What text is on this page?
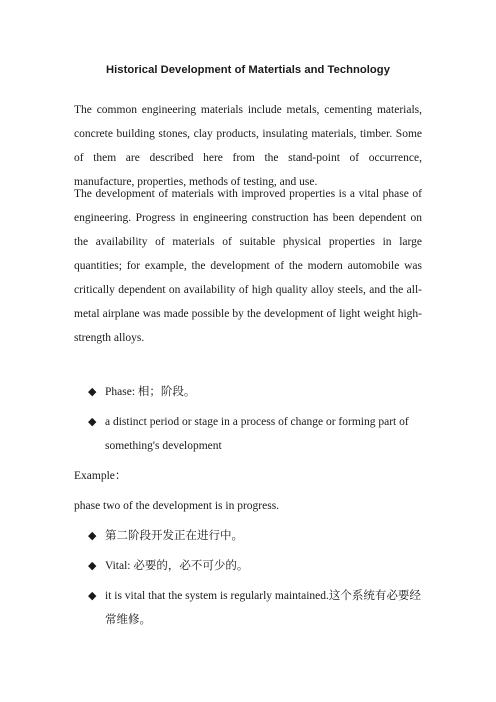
Historical Development of Matertials and Technology

The common engineering materials include metals, cementing materials, concrete building stones, clay products, insulating materials, timber. Some of them are described here from the stand-point of occurrence, manufacture, properties, methods of testing, and use.

The development of materials with improved properties is a vital phase of engineering. Progress in engineering construction has been dependent on the availability of materials of suitable physical properties in large quantities; for example, the development of the modern automobile was critically dependent on availability of high quality alloy steels, and the all-metal airplane was made possible by the development of light weight high-strength alloys.

◆ Phase: 相；阶段。
◆ a distinct period or stage in a process of change or forming part of something's development
Example：
phase two of the development is in progress.
◆ 第二阶段开发正在进行中。
◆ Vital: 必要的，必不可少的。
◆ it is vital that the system is regularly maintained.这个系统有必要经常维修。
